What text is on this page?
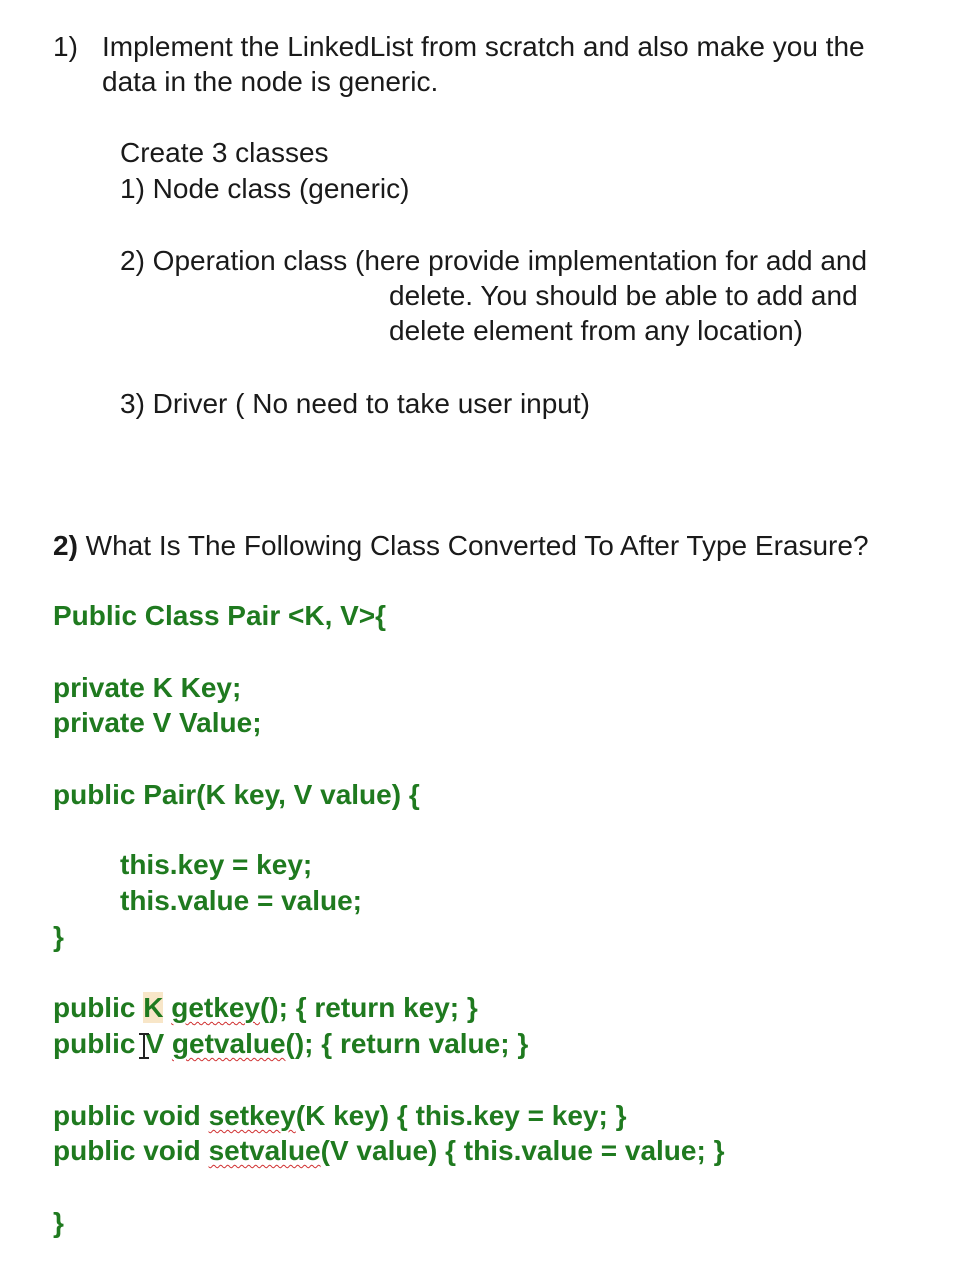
1) Implement the LinkedList from scratch and also make you the
data in the node is generic.
Create 3 classes
1) Node class (generic)
2) Operation class (here provide implementation for add and
delete. You should be able to add and
delete element from any location)
3) Driver ( No need to take user input)
2) What Is The Following Class Converted To After Type Erasure?
Public Class Pair <K, V>{
private K Key;
private V Value;
public Pair(K key, V value) {
this.key = key;
this.value = value;
}
public K getkey(); { return key; }
public V getvalue(); { return value; }
public void setkey(K key) { this.key = key; }
public void setvalue(V value) { this.value = value; }
}
